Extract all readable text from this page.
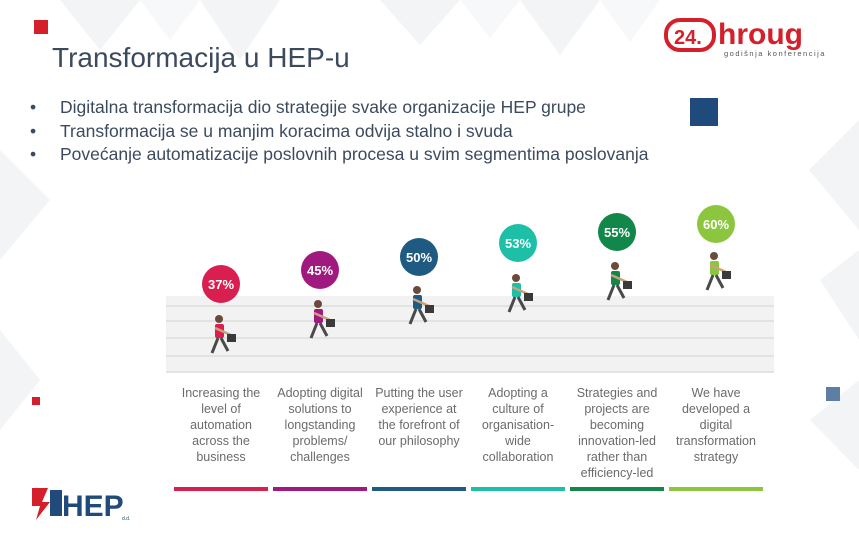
24. hroug
godišnja konferencija
Transformacija u HEP-u
• Digitalna transformacija dio strategije svake organizacije HEP grupe
• Transformacija se u manjim koracima odvija stalno i svuda
• Povećanje automatizacije poslovnih procesa u svim segmentima poslovanja
37%
45%
50%
53%
55%
60%
Increasing the level of automation across the business
Adopting digital solutions to longstanding problems/ challenges
Putting the user experience at the forefront of our philosophy
Adopting a culture of organisation-wide collaboration
Strategies and projects are becoming innovation-led rather than efficiency-led
We have developed a digital transformation strategy
HEP
d.d.
